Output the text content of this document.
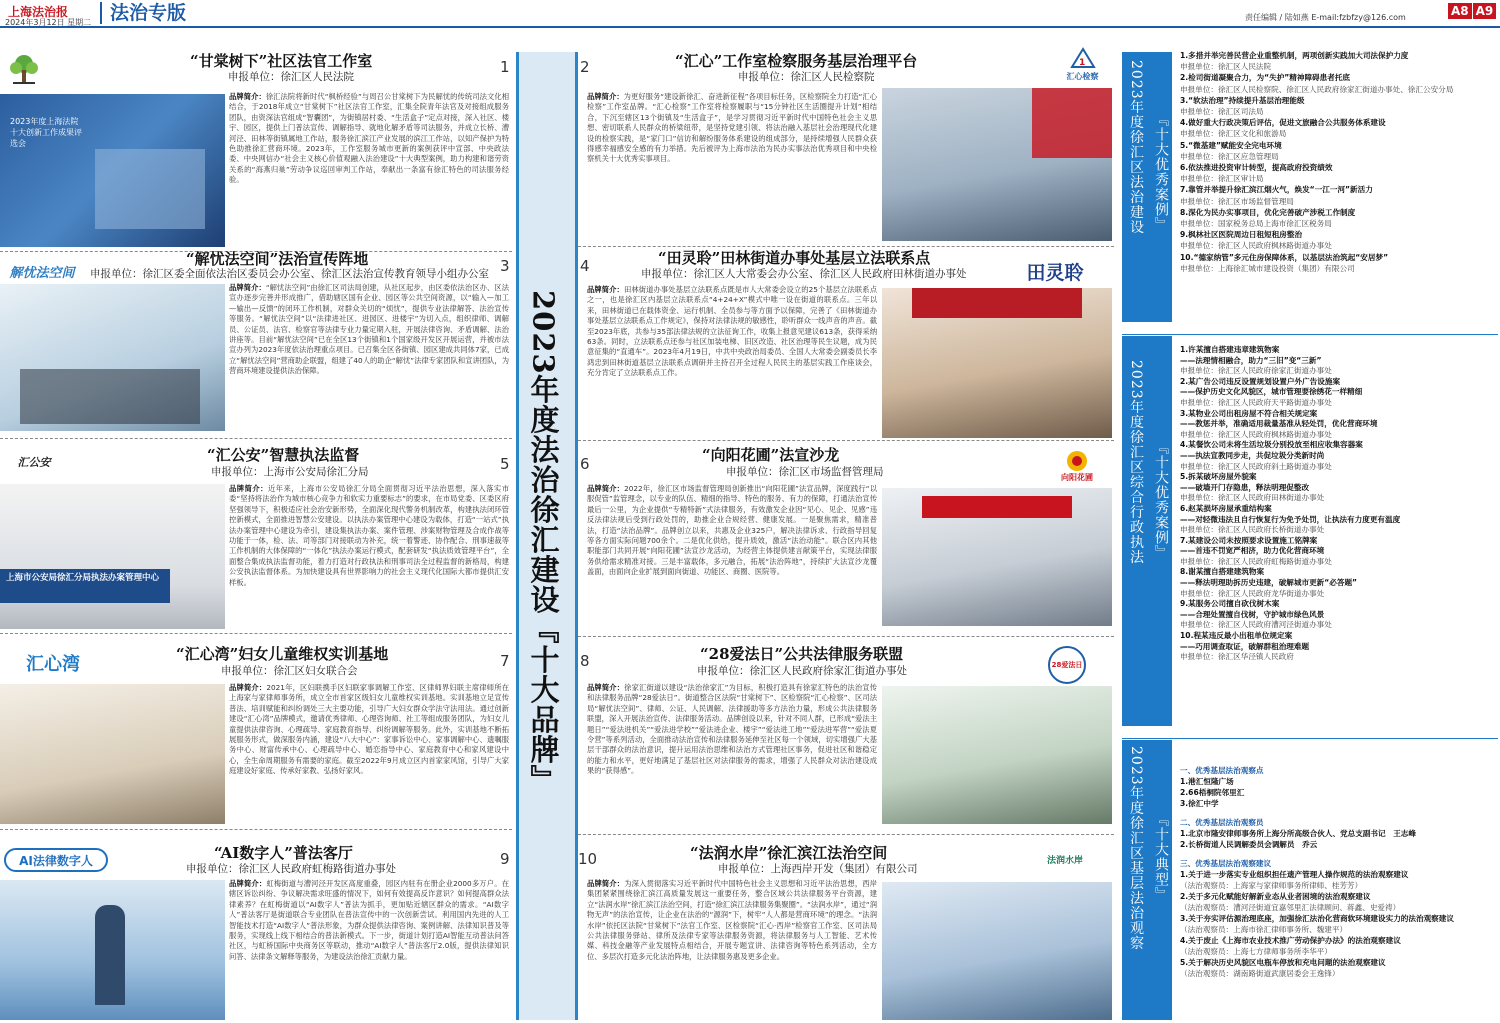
上海法治报
2024年3月12日 星期二 法治专版	责任编辑 / 陆如燕 E-mail:fzbfzy@126.com	A8 A9
2023年度法治徐汇建设『十大品牌』
“甘棠树下”社区法官工作室	1
申报单位：徐汇区人民法院
2023年度上海法院十大创新工作成果评选会
品牌简介：徐汇法院将新时代“枫桥经验”与周召公甘棠树下为民解忧的传统司法文化相结合，于2018年成立“甘棠树下”社区法官工作室，汇集全院青年法官及对接组成服务团队，由资深法官组成“智囊团”，为街镇居村委、“生活盒子”定点对接，深入社区、楼宇、园区，提供上门普法宣传、调解指导、就地化解矛盾等司法服务，并成立长桥、漕河泾、田林等街镇属地工作站，服务徐汇滨江产业发展的滨江工作站，以知产保护为特色助推徐汇营商环境。2023年，工作室服务城市更新的案例获评中宣部、中央政法委、中央网信办“社会主义核心价值观融入法治建设”十大典型案例，助力构建和谐劳资关系的“海燕归巢”劳动争议巡回审判工作站，奉献出一条富有徐汇特色的司法服务经验。
解忧法空间
“解忧法空间”法治宣传阵地	3
申报单位：徐汇区委全面依法治区委员会办公室、徐汇区法治宣传教育领导小组办公室
品牌简介：“解忧法空间”由徐汇区司法局创建，从社区起步，由区委依法治区办、区法宣办逐步完善并形成推广，借助辖区国有企业、园区等公共空间资源，以“输入—加工—输出—反馈”的闭环工作机制，对群众关切的“烦忧”，提供专业法律解答、法治宣传等服务。“解忧法空间”以“法律进社区、进园区、进楼宇”为切入点，组织律师、调解员、公证员、法官、检察官等法律专业力量定期入驻，开展法律咨询、矛盾调解、法治讲座等。目前“解忧法空间”已在全区13个街镇和1个国家级开发区开展运营，并被市法宣办列为2023年度依法治理重点项目。已召集全区各街镇、园区建成共同体7家，已成立“解忧法空间”营商助企联盟，组建了40人的助企“解忧”法律专家团队和宣讲团队，为营商环境建设提供法治保障。
汇公安	“汇公安”智慧执法监督	5
申报单位：上海市公安局徐汇分局
上海市公安局徐汇分局执法办案管理中心
品牌简介：近年来，上海市公安局徐汇分局全面贯彻习近平法治思想，深入落实市委“坚持将法治作为城市核心竞争力和软实力重要标志”的要求，在市局党委、区委区府坚强领导下，积极适应社会治安新形势，全面深化现代警务机制改革，构建执法闭环管控新模式，全面推进智慧公安建设。以执法办案管理中心建设为载体，打造“一站式”执法办案管理中心建设为牵引，建设集执法办案、案件管理、涉案财物管理及合成作战等功能于一体，检、法、司等部门对接联动为补充，统一着警迹、协作配合、刑事速裁等工作机制的大体保障的“一体化”执法办案运行模式，配套研发“执法质效管理平台”，全面整合集成执法监督功能，着力打造对行政执法和刑事司法全过程监督的新格局，构建公安执法监督体系。为加快建设具有世界影响力的社会主义现代化国际大都市提供汇安样板。
汇心湾	“汇心湾”妇女儿童维权实训基地	7
申报单位：徐汇区妇女联合会
品牌简介：2021年，区妇联携手区妇联家事调解工作室、区律师界妇联主席律师所在上海家与家律师事务所，成立全市首家区级妇女儿童维权实训基地。实训基地立足宣传普法、培训赋能和纠纷调处三大主要功能，引导广大妇女群众学法守法用法。通过创新建设“汇心湾”品牌模式，邀请优秀律师、心理咨询师、社工等组成服务团队，为妇女儿童提供法律咨询、心理疏导、家庭教育指导、纠纷调解等服务。此外，实训基地不断拓展服务形式，做深服务内涵，建设“八大中心”：家事诉讼中心、家事调解中心、遗嘱服务中心、财富传承中心、心理疏导中心、婚恋指导中心、家庭教育中心和家风建设中心，全生命周期服务有需要的家庭。截至2022年9月成立区内首家家风馆，引导广大家庭建设好家庭、传承好家教、弘扬好家风。
AI法律数字人	“AI数字人”普法客厅	9
申报单位：徐汇区人民政府虹梅路街道办事处
品牌简介：虹梅街道与漕河泾开发区高度重叠，园区内驻有在册企业2000多万户。在辖区诉讼纠纷、争议解决需求旺盛的情况下，如何有效提高反诈意识？如何提高群众法律素养？在虹梅街道以“AI数字人”普法为抓手，更加贴近辖区群众的需求。“AI数字人”普法客厅是街道联合专业团队在普法宣传中的一次创新尝试。利用国内先进的人工智能技术打造“AI数字人”普法形象，为群众提供法律咨询、案例讲解、法律知识普及等服务，实现线上线下相结合的普法新模式。下一步，街道计划打造AI智能互动普法问答社区，与虹桥国际中央商务区等联动，推动“AI数字人”普法客厅2.0版，提供法律知识问答、法律条文解释等服务，为建设法治徐汇贡献力量。
2	“汇心”工作室检察服务基层治理平台
申报单位：徐汇区人民检察院
1
汇心检察
品牌简介：为更好服务“建设新徐汇、奋进新征程”各项目标任务，区检察院全力打造“汇心检察”工作室品牌。“汇心检察”工作室将检察履职与“15分钟社区生活圈提升计划”相结合，下沉至辖区13个街镇及“生活盒子”，是学习贯彻习近平新时代中国特色社会主义思想、密切联系人民群众的桥梁纽带，是坚持党建引领、将法治融入基层社会治理现代化建设的检察实践，是“家门口”信访和解纷服务体系建设的组成部分，是持续增强人民群众获得感幸福感安全感的有力举措。先后被评为上海市法治为民办实事法治优秀项目和中央检察机关十大优秀实事项目。
4	“田灵聆”田林街道办事处基层立法联系点
申报单位：徐汇区人大常委会办公室、徐汇区人民政府田林街道办事处	田灵聆
品牌简介：田林街道办事处基层立法联系点既是市人大常委会设立的25个基层立法联系点之一，也是徐汇区内基层立法联系点“4+24+X”模式中唯一设在街道的联系点。三年以来，田林街道已在载体资金、运行机制、全员参与等方面予以保障，完善了《田林街道办事处基层立法联系点工作规定》，保持对法律法规的敏感性，聆听群众一线声音的声音。截至2023年底，共参与35部法律法规的立法征询工作，收集上报意见建议613条，获得采纳63条。同时，立法联系点还参与社区加装电梯、旧区改造、社区治理等民生议题，成为民意征集的“直通车”。2023年4月19日，中共中央政治局委员、全国人大常委会副委员长李鸿忠到田林街道基层立法联系点调研并主持召开全过程人民民主的基层实践工作座谈会，充分肯定了立法联系点工作。
6	“向阳花圃”法宣沙龙
申报单位：徐汇区市场监督管理局	向阳花圃
品牌简介：2022年，徐汇区市场监督管理局创新推出“向阳花圃”法宣品牌，深度践行“以服促管”监管理念，以专业的队伍、精细的指导、特色的服务、有力的保障，打通法治宣传最后一公里，为企业提供“专精特新”式法律服务，有效激发企业因“见心、见企、见感”违反法律法规后受到行政处罚的，助推企业合规经营、健康发展。一是聚焦需求，精准普法，打造“法治品牌”。品牌创立以来，共惠及企业325户，解决法律诉求、行政指导回复等各方面实际问题700余个。二是优化供给，提升质效，激活“法治动能”。联合区内其他职能部门共同开展“向阳花圃”法宣沙龙活动，为经营主体提供建言献策平台，实现法律服务供给需求精准对接。三是丰富载体，多元融合，拓展“法治阵地”，持续扩大法宣沙龙覆盖面，由面向企业扩展到面向街道、功能区、商圈、医院等。
8	“28爱法日”公共法律服务联盟
申报单位：徐汇区人民政府徐家汇街道办事处	28爱法日
品牌简介：徐家汇街道以建设“法治徐家汇”为目标，积极打造具有徐家汇特色的法治宣传和法律服务品牌“28爱法日”。街道整合区法院“甘棠树下”、区检察院“汇心检察”、区司法局“解忧法空间”、律师、公证、人民调解、法律援助等多方法治力量，形成公共法律服务联盟，深入开展法治宣传、法律服务活动。品牌创设以来，针对不同人群，已形成“爱法主题日”“爱法进机关”“爱法进学校”“爱法进企业、楼宇”“爱法进工地”“爱法进军营”“爱法夏令营”等系列活动，全面推动法治宣传和法律服务延伸至社区每一个领域，切实增强广大基层干部群众的法治意识，提升运用法治思维和法治方式管理社区事务，促进社区和谐稳定的能力和水平，更好地满足了基层社区对法律服务的需求，增强了人民群众对法治建设成果的“获得感”。
10	“法润水岸”徐汇滨江法治空间
申报单位：上海西岸开发（集团）有限公司
法润水岸
品牌简介：为深入贯彻落实习近平新时代中国特色社会主义思想和习近平法治思想，西岸集团紧紧围绕徐汇滨江高质量发展这一重要任务，整合区域公共法律服务平台资源，建立“法润水岸”徐汇滨江法治空间，打造“徐汇滨江法律服务集聚圈”。“法润水岸”，通过“润物无声”的法治宣传，让企业在法治的“源润”下，树牢“人人都是营商环境”的理念。“法润水岸”依托区法院“甘棠树下”法官工作室、区检察院“汇心·西岸”检察官工作室、区司法局公共法律服务驿站、律所及法律专家等法律服务资源，将法律服务与人工智能、艺术传媒、科技金融等产业发展特点相结合，开展专题宣讲、法律咨询等特色系列活动，全方位、多层次打造多元化法治阵地，让法律服务惠及更多企业。
2023年度徐汇区法治建设 『十大优秀案例』
1.多措并举完善民营企业重整机制，两项创新实践加大司法保护力度
申报单位：徐汇区人民法院
2.检司街道凝聚合力，为“失护”精神障碍患者托底
申报单位：徐汇区人民检察院、徐汇区人民政府徐家汇街道办事处、徐汇公安分局
3.“软法治理”持续提升基层治理能级
申报单位：徐汇区司法局
4.做好重大行政决策后评估，促进文旅融合公共服务体系建设
申报单位：徐汇区文化和旅游局
5.“微基建”赋能安全完电环境
申报单位：徐汇区应急管理局
6.依法推进投资审计转型，提高政府投资绩效
申报单位：徐汇区审计局
7.靠管并举提升徐汇滨江烟火气，焕发“一江一河”新活力
申报单位：徐汇区市场监督管理局
8.深化为民办实事项目，优化完善破产涉税工作制度
申报单位：国家税务总局上海市徐汇区税务局
9.枫林社区医院周边日租短租房整治
申报单位：徐汇区人民政府枫林路街道办事处
10.“德家纳管”多元住房保障体系，以基层法治筑起“安居梦”
申报单位：上海徐汇城市建设投资（集团）有限公司
2023年度徐汇区综合行政执法 『十大优秀案例』
1.许某擅自搭建违章建筑物案
——法理情相融合，助力“三旧”变“三新”
申报单位：徐汇区人民政府徐家汇街道办事处
2.某广告公司违反设置规划设置户外广告设施案
——保护历史文化风貌区，城市管理要徐绣花一样精细
申报单位：徐汇区人民政府天平路街道办事处
3.某物业公司出租房屋不符合相关规定案
——教惩并举，准确适用裁量基准从轻处罚，优化营商环境
申报单位：徐汇区人民政府枫林路街道办事处
4.某餐饮公司未将生活垃圾分别投放至相应收集容器案
——执法宣教同步走，共促垃圾分类新时尚
申报单位：徐汇区人民政府斜土路街道办事处
5.拆某破坏房屋外貌案
——破墙开门存隐患，释法明理促整改
申报单位：徐汇区人民政府田林街道办事处
6.赵某损坏房屋承重结构案
——对轻微违法且自行恢复行为免予处罚，让执法有力度更有温度
申报单位：徐汇区人民政府长桥街道办事处
7.某建设公司未按照要求设置施工铭牌案
——首违不罚宽严相济，助力优化营商环境
申报单位：徐汇区人民政府虹梅路街道办事处
8.谢某擅自搭建建筑物案
——释法明理助拆历史违建，破解城市更新“必答题”
申报单位：徐汇区人民政府龙华街道办事处
9.某服务公司擅自砍伐树木案
——合理处置擅自伐树，守护城市绿色风景
申报单位：徐汇区人民政府漕河泾街道办事处
10.程某违反最小出租单位规定案
——巧用调查取证，破解群租治理难题
申报单位：徐汇区华泾镇人民政府
2023年度徐汇区基层法治观察 『十大典型』
一、优秀基层法治观察点
1.港汇恒隆广场
2.66梧桐院邻里汇
3.徐汇中学
二、优秀基层法治观察员
1.北京市隆安律师事务所上海分所高级合伙人、党总支副书记　王志峰
2.长桥街道人民调解委员会调解员　乔云
三、优秀基层法治观察建议
1.关于进一步落实专业组织担任遗产管理人操作规范的法治观察建议
（法治观察员：上海家与家律师事务所律师、桂芳芳）
2.关于多元化赋能好解新业态从业者困境的法治观察建议
（法治观察员：漕河泾街道宜嘉邻里汇法律顾问、蒋鑫、史爱祷）
3.关于夯实评估源治理底座，加强徐汇法治化营商软环境建设实力的法治观察建议
（法治观察员：上海市徐汇律师事务所、魏建平）
4.关于废止《上海市农业技术推广劳动保护办法》的法治观察建议
（法治观察员：上海七方律师事务所李华平）
5.关于解决历史风貌区电瓶车停放和充电问题的法治观察建议
（法治观察员：湖南路街道武康居委会王逸锋）
